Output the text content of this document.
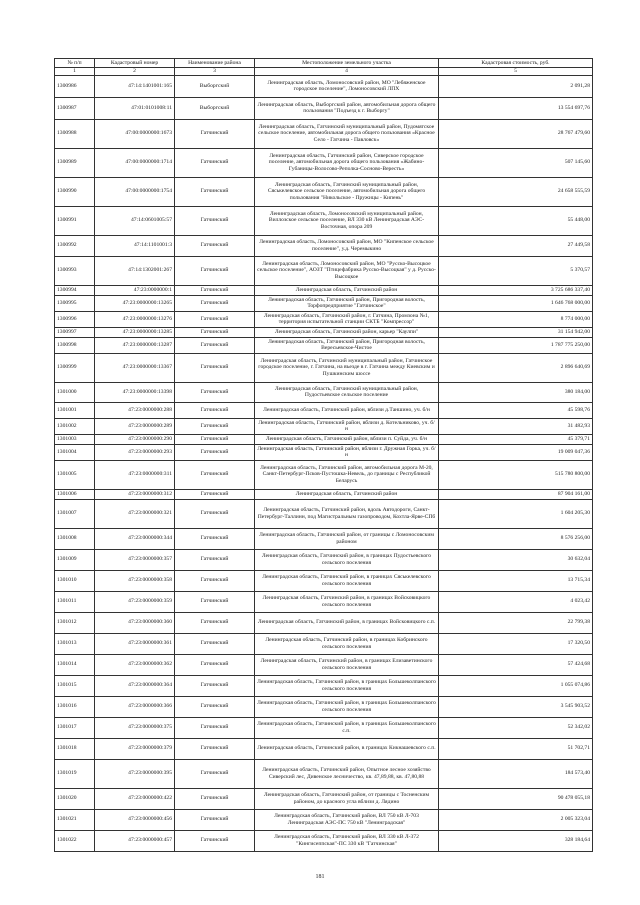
№ п/п	Кадастровый номер	Наименование района	Местоположение земельного участка	Кадастровая стоимость, руб.
1	2	3	4	5
1300986	47:14:1401001:165	Выборгский	Ленинградская область, Ломоносовский район, МО "Лебяженское городское поселение", Ломоносовский ЛПХ	2 091,28
1300987	47:01:0101008:11	Выборгский	Ленинградская область, Выборгский район, автомобильная дорога общего пользования "Подъезд к г. Выборгу"	13 554 697,76
1300988	47:00:0000000:1673	Гатчинский	Ленинградская область, Гатчинский муниципальный район, Пудомягское сельское поселение, автомобильная дорога общего пользования «Красное Село - Гатчина - Павловск»	28 767 479,60
1300989	47:00:0000000:1714	Гатчинский	Ленинградская область, Гатчинский район, Сиверское городское поселение, автомобильная дорога общего пользования «Жабино-Губаницы-Волосово-Реполка-Сосново-Вересть»	507 145,60
1300990	47:00:0000000:1754	Гатчинский	Ленинградская область, Гатчинский муниципальный район, Сяськелевское сельское поселение, автомобильная дорога общего пользования "Никольское - Пружицы - Кипень"	24 658 555,59
1300991	47:14:0601005:57	Гатчинский	Ленинградская область, Ломоносовский муниципальный район, Виллозское сельское поселение, ВЛ 330 кВ Ленинградская АЭС-Восточная, опора 209	55 448,00
1300992	47:14:1101001:3	Гатчинский	Ленинградская область, Ломоносовский район, МО "Кипенское сельское поселение", у.д. Черемыкино	27 449,58
1300993	47:14:1302001:267	Гатчинский	Ленинградская область, Ломоносовский район, МО "Русско-Высоцкое сельское поселение", АОЗТ "Птицефабрика Русско-Высоцкая" у д. Русско-Высоцкое	5 370,57
1300994	47:23:0000000:1	Гатчинский	Ленинградская область, Гатчинский район	3 725 686 337,40
1300995	47:23:0000000:13265	Гатчинский	Ленинградская область, Гатчинский район, Пригородная волость, Торфопредприятие "Гатчинское"	1 646 768 000,00
1300996	47:23:0000000:13276	Гатчинский	Ленинградская область, Гатчинский район, г. Гатчина, Промзона №1, территория испытательной станции СКТБ "Компрессор"	8 774 000,00
1300997	47:23:0000000:13285	Гатчинский	Ленинградская область, Гатчинский район, карьер "Каулпи"	31 154 942,00
1300998	47:23:0000000:13287	Гатчинский	Ленинградская область, Гатчинский район, Пригородная волость, Вересьевское-Чистое	1 787 775 250,00
1300999	47:23:0000000:13367	Гатчинский	Ленинградская область, Гатчинский муниципальный район, Гатчинское городское поселение, г. Гатчина, на въезде в г. Гатчина между Киевским и Пушкинским шоссе	2 896 640,69
1301000	47:23:0000000:13398	Гатчинский	Ленинградская область, Гатчинский муниципальный район, Пудостьевское сельское поселение	380 184,00
1301001	47:23:0000000:288	Гатчинский	Ленинградская область, Гатчинский район, вблизи д.Таншино, уч. б/н	45 598,76
1301002	47:23:0000000:289	Гатчинский	Ленинградская область, Гатчинский район, вблизи д. Котельниково, уч. б/н	31 482,93
1301003	47:23:0000000:290	Гатчинский	Ленинградская область, Гатчинский район, вблизи п. Суйда, уч. б/н	45 379,71
1301004	47:23:0000000:293	Гатчинский	Ленинградская область, Гатчинский район, вблизи г. Дружная Горка, уч. б/н	19 009 047,36
1301005	47:23:0000000:311	Гатчинский	Ленинградская область, Гатчинский район, автомобильная дорога М-20, Санкт-Петербург-Псков-Пустошка-Невель, до границы с Республикой Беларусь	515 780 800,00
1301006	47:23:0000000:312	Гатчинский	Ленинградская область, Гатчинский район	87 904 161,00
1301007	47:23:0000000:321	Гатчинский	Ленинградская область, Гатчинский район, вдоль Автодороги, Санкт-Петербург-Таллинн, под Магистральным газопроводом, Кохтла-Ярве-СПб	1 604 205,30
1301008	47:23:0000000:344	Гатчинский	Ленинградская область, Гатчинский район, от границы с Ломоносовским районом	8 576 256,00
1301009	47:23:0000000:357	Гатчинский	Ленинградская область, Гатчинский район, в границах Пудостьевского сельского поселения	30 632,04
1301010	47:23:0000000:358	Гатчинский	Ленинградская область, Гатчинский район, в границах Сяськелевского сельского поселения	13 715,34
1301011	47:23:0000000:359	Гатчинский	Ленинградская область, Гатчинский район, в границах Войсковицкого сельского поселения	4 023,42
1301012	47:23:0000000:360	Гатчинский	Ленинградская область, Гатчинский район, в границах Войсковицкого с.п.	22 799,38
1301013	47:23:0000000:361	Гатчинский	Ленинградская область, Гатчинский район, в границах Кобринского сельского поселения	17 320,50
1301014	47:23:0000000:362	Гатчинский	Ленинградская область, Гатчинский район, в границах Елизаветинского сельского поселения	57 424,68
1301015	47:23:0000000:364	Гатчинский	Ленинградская область, Гатчинский район, в границах Большеколпанского сельского поселения	1 055 074,86
1301016	47:23:0000000:366	Гатчинский	Ленинградская область, Гатчинский район, в границах Большеколпанского сельского поселения	3 545 903,52
1301017	47:23:0000000:375	Гатчинский	Ленинградская область, Гатчинский район, в границах Большеколпанского с.п.	52 342,02
1301018	47:23:0000000:379	Гатчинский	Ленинградская область, Гатчинский район, в границах Кикнашевского с.п.	51 702,71
1301019	47:23:0000000:395	Гатчинский	Ленинградская область, Гатчинский район, Опытное лесное хозяйство Сиверский лес, Дивенское лесничество, кв. 47,89,88, кв. 47,80,88	184 573,40
1301020	47:23:0000000:422	Гатчинский	Ленинградская область, Гатчинский район, от границы с Тосненским районом, до красного угла вблизи д. Лядино	90 478 055,18
1301021	47:23:0000000:456	Гатчинский	Ленинградская область, Гатчинский район, ВЛ 750 кВ Л-703 Ленинградская АЭС-ПС 750 кВ "Ленинградская"	2 005 323,04
1301022	47:23:0000000:457	Гатчинский	Ленинградская область, Гатчинский район, ВЛ 330 кВ Л-372 "Кингисеппская"-ПС 330 кВ "Гатчинская"	328 184,64
181
